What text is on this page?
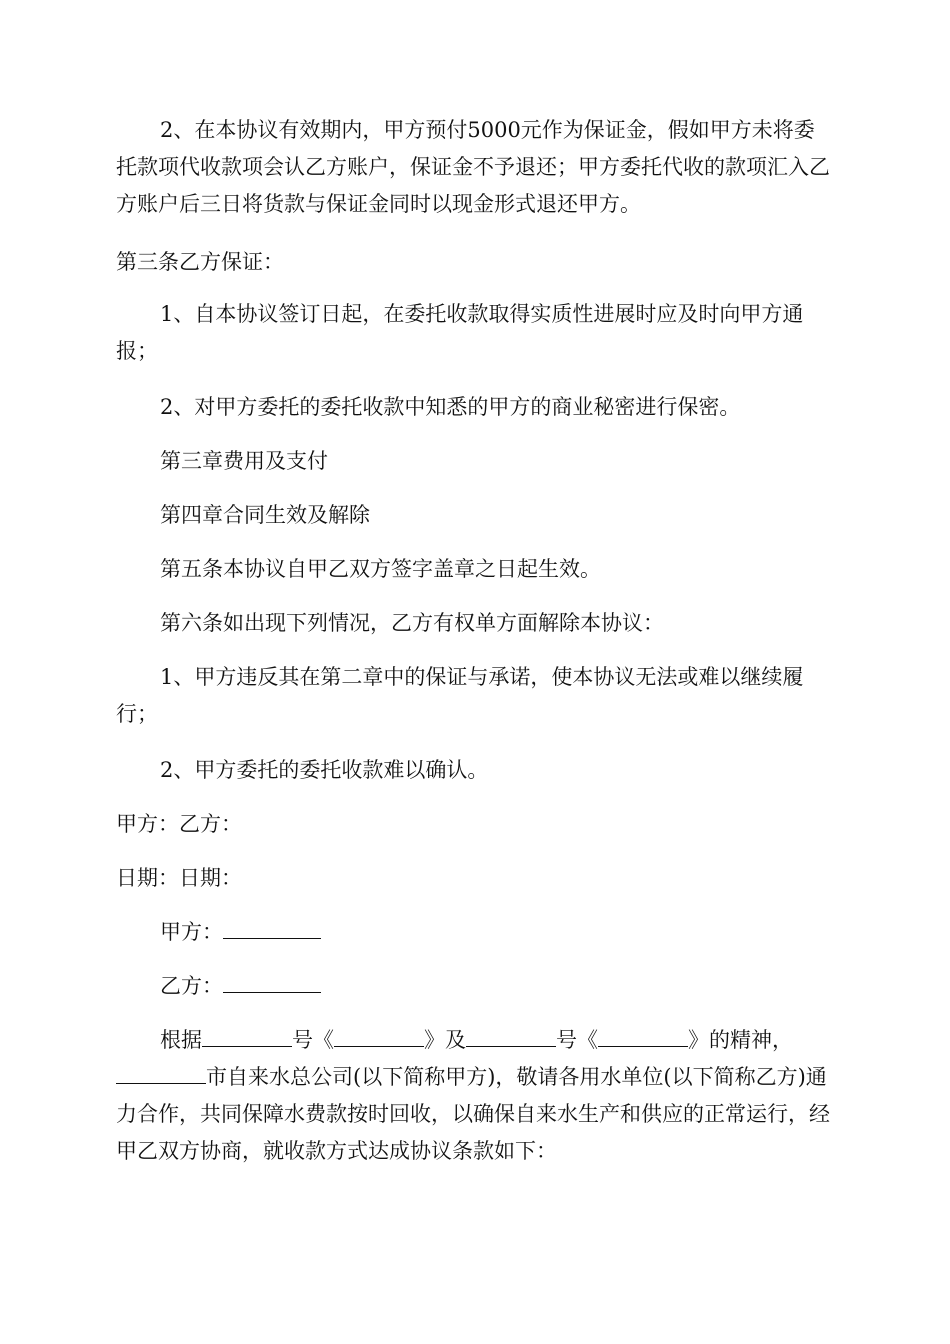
2、在本协议有效期内，甲方预付5000元作为保证金，假如甲方未将委托款项代收款项会认乙方账户，保证金不予退还；甲方委托代收的款项汇入乙方账户后三日将货款与保证金同时以现金形式退还甲方。

第三条乙方保证：

1、自本协议签订日起，在委托收款取得实质性进展时应及时向甲方通报；

2、对甲方委托的委托收款中知悉的甲方的商业秘密进行保密。

第三章费用及支付

第四章合同生效及解除

第五条本协议自甲乙双方签字盖章之日起生效。

第六条如出现下列情况，乙方有权单方面解除本协议：

1、甲方违反其在第二章中的保证与承诺，使本协议无法或难以继续履行；

2、甲方委托的委托收款难以确认。

甲方：乙方：

日期：日期：

甲方：

乙方：

根据	号《	》及	号《	》的精神，市自来水总公司(以下简称甲方)，敬请各用水单位(以下简称乙方)通力合作，共同保障水费款按时回收，以确保自来水生产和供应的正常运行，经甲乙双方协商，就收款方式达成协议条款如下：
